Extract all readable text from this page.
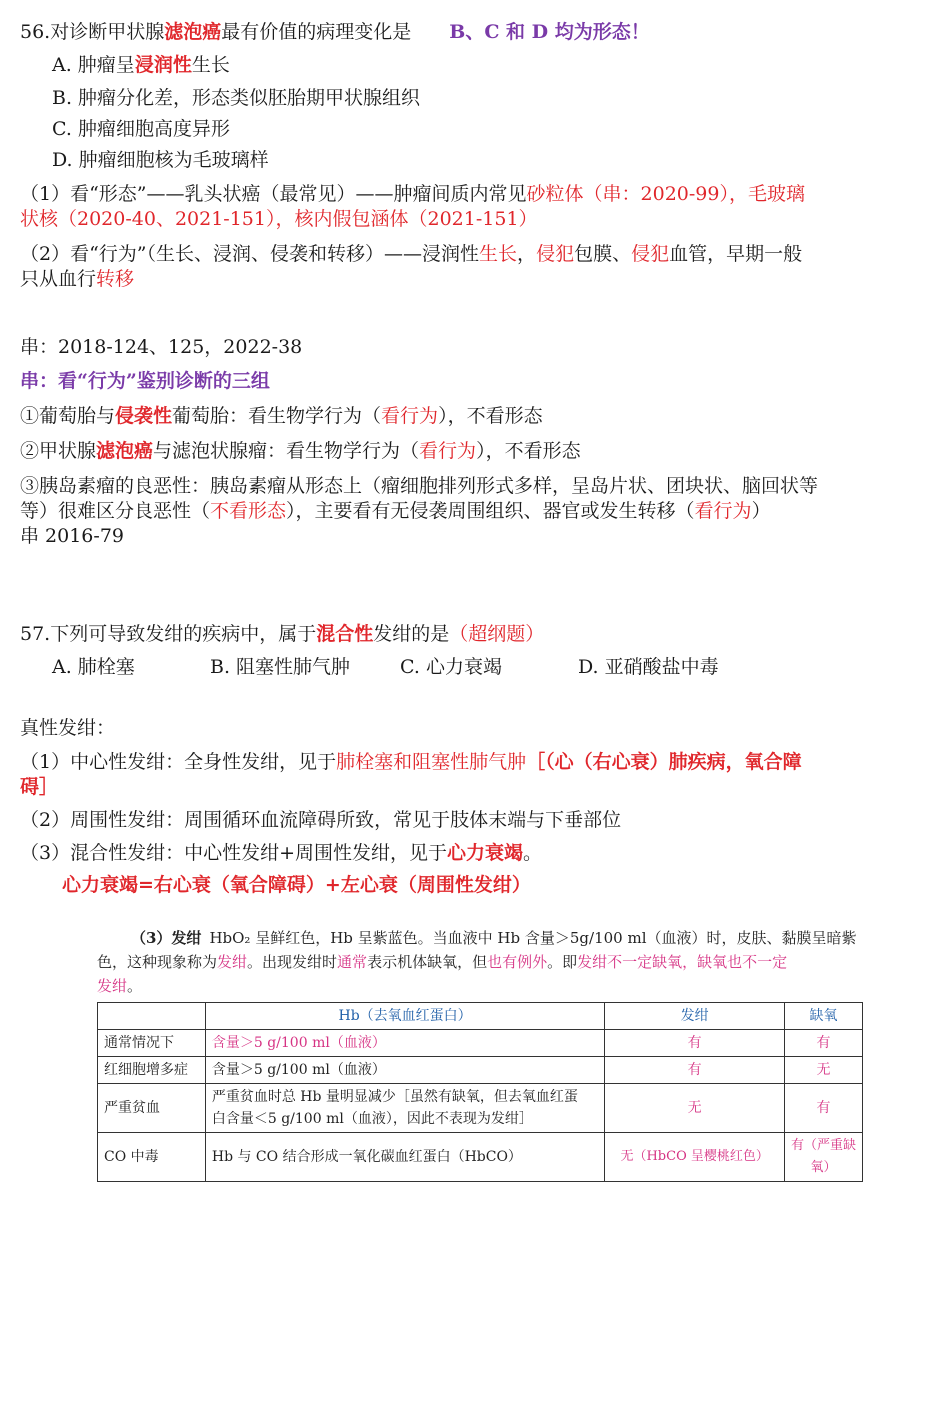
56.对诊断甲状腺滤泡癌最有价值的病理变化是 B、C 和 D 均为形态！
A. 肿瘤呈浸润性生长
B. 肿瘤分化差，形态类似胚胎期甲状腺组织
C. 肿瘤细胞高度异形
D. 肿瘤细胞核为毛玻璃样
（1）看“形态”——乳头状癌（最常见）——肿瘤间质内常见砂粒体（串：2020-99），毛玻璃
状核（2020-40、2021-151），核内假包涵体（2021-151）
（2）看“行为”（生长、浸润、侵袭和转移）——浸润性生长，侵犯包膜、侵犯血管，早期一般
只从血行转移
串：2018-124、125，2022-38
串：看“行为”鉴别诊断的三组
①葡萄胎与侵袭性葡萄胎：看生物学行为（看行为），不看形态
②甲状腺滤泡癌与滤泡状腺瘤：看生物学行为（看行为），不看形态
③胰岛素瘤的良恶性：胰岛素瘤从形态上（瘤细胞排列形式多样，呈岛片状、团块状、脑回状等
等）很难区分良恶性（不看形态），主要看有无侵袭周围组织、器官或发生转移（看行为）
串 2016-79
57.下列可导致发绀的疾病中，属于混合性发绀的是（超纲题）
A. 肺栓塞	B. 阻塞性肺气肿	C. 心力衰竭	D. 亚硝酸盐中毒
真性发绀：
（1）中心性发绀：全身性发绀，见于肺栓塞和阻塞性肺气肿［（心（右心衰）肺疾病，氧合障
碍］
（2）周围性发绀：周围循环血流障碍所致，常见于肢体末端与下垂部位
（3）混合性发绀：中心性发绀+周围性发绀，见于心力衰竭。
心力衰竭=右心衰（氧合障碍）+左心衰（周围性发绀）
（3）发绀 HbO₂ 呈鲜红色，Hb 呈紫蓝色。当血液中 Hb 含量＞5g/100 ml（血液）时，皮肤、黏膜呈暗紫
色，这种现象称为发绀。出现发绀时通常表示机体缺氧，但也有例外。即发绀不一定缺氧，缺氧也不一定
发绀。
	Hb（去氧血红蛋白）	发绀	缺氧
通常情况下	含量＞5 g/100 ml（血液）	有	有
红细胞增多症	含量＞5 g/100 ml（血液）	有	无
严重贫血	严重贫血时总 Hb 量明显减少［虽然有缺氧，但去氧血红蛋
白含量＜5 g/100 ml（血液），因此不表现为发绀］	无	有
CO 中毒	Hb 与 CO 结合形成一氧化碳血红蛋白（HbCO）	无（HbCO 呈樱桃红色）	有（严重缺氧）
